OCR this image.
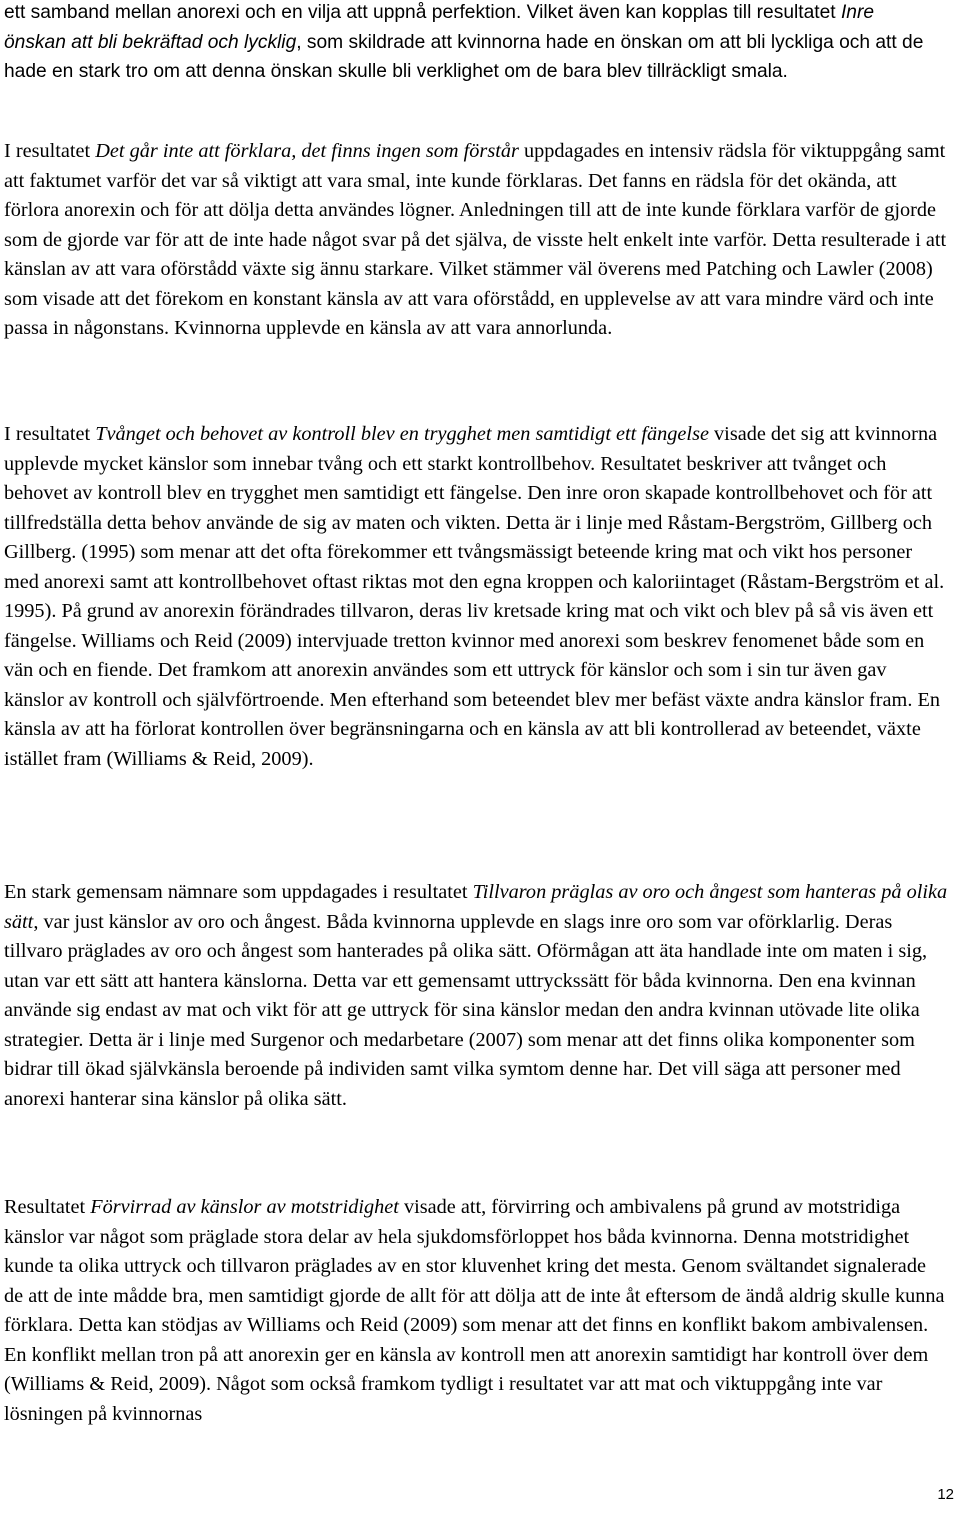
ett samband mellan anorexi och en vilja att uppnå perfektion. Vilket även kan kopplas till resultatet Inre önskan att bli bekräftad och lycklig, som skildrade att kvinnorna hade en önskan om att bli lyckliga och att de hade en stark tro om att denna önskan skulle bli verklighet om de bara blev tillräckligt smala.

I resultatet Det går inte att förklara, det finns ingen som förstår uppdagades en intensiv rädsla för viktuppgång samt att faktumet varför det var så viktigt att vara smal, inte kunde förklaras. Det fanns en rädsla för det okända, att förlora anorexin och för att dölja detta användes lögner. Anledningen till att de inte kunde förklara varför de gjorde som de gjorde var för att de inte hade något svar på det själva, de visste helt enkelt inte varför. Detta resulterade i att känslan av att vara oförstådd växte sig ännu starkare. Vilket stämmer väl överens med Patching och Lawler (2008) som visade att det förekom en konstant känsla av att vara oförstådd, en upplevelse av att vara mindre värd och inte passa in någonstans. Kvinnorna upplevde en känsla av att vara annorlunda.

I resultatet Tvånget och behovet av kontroll blev en trygghet men samtidigt ett fängelse visade det sig att kvinnorna upplevde mycket känslor som innebar tvång och ett starkt kontrollbehov. Resultatet beskriver att tvånget och behovet av kontroll blev en trygghet men samtidigt ett fängelse. Den inre oron skapade kontrollbehovet och för att tillfredställa detta behov använde de sig av maten och vikten. Detta är i linje med Råstam-Bergström, Gillberg och Gillberg. (1995) som menar att det ofta förekommer ett tvångsmässigt beteende kring mat och vikt hos personer med anorexi samt att kontrollbehovet oftast riktas mot den egna kroppen och kaloriintaget (Råstam-Bergström et al. 1995). På grund av anorexin förändrades tillvaron, deras liv kretsade kring mat och vikt och blev på så vis även ett fängelse. Williams och Reid (2009) intervjuade tretton kvinnor med anorexi som beskrev fenomenet både som en vän och en fiende. Det framkom att anorexin användes som ett uttryck för känslor och som i sin tur även gav känslor av kontroll och självförtroende. Men efterhand som beteendet blev mer befäst växte andra känslor fram. En känsla av att ha förlorat kontrollen över begränsningarna och en känsla av att bli kontrollerad av beteendet, växte istället fram (Williams & Reid, 2009).

En stark gemensam nämnare som uppdagades i resultatet Tillvaron präglas av oro och ångest som hanteras på olika sätt, var just känslor av oro och ångest. Båda kvinnorna upplevde en slags inre oro som var oförklarlig. Deras tillvaro präglades av oro och ångest som hanterades på olika sätt. Oförmågan att äta handlade inte om maten i sig, utan var ett sätt att hantera känslorna. Detta var ett gemensamt uttryckssätt för båda kvinnorna. Den ena kvinnan använde sig endast av mat och vikt för att ge uttryck för sina känslor medan den andra kvinnan utövade lite olika strategier. Detta är i linje med Surgenor och medarbetare (2007) som menar att det finns olika komponenter som bidrar till ökad självkänsla beroende på individen samt vilka symtom denne har. Det vill säga att personer med anorexi hanterar sina känslor på olika sätt.

Resultatet Förvirrad av känslor av motstridighet visade att, förvirring och ambivalens på grund av motstridiga känslor var något som präglade stora delar av hela sjukdomsförloppet hos båda kvinnorna. Denna motstridighet kunde ta olika uttryck och tillvaron präglades av en stor kluvenhet kring det mesta. Genom svältandet signalerade de att de inte mådde bra, men samtidigt gjorde de allt för att dölja att de inte åt eftersom de ändå aldrig skulle kunna förklara. Detta kan stödjas av Williams och Reid (2009) som menar att det finns en konflikt bakom ambivalensen. En konflikt mellan tron på att anorexin ger en känsla av kontroll men att anorexin samtidigt har kontroll över dem (Williams & Reid, 2009). Något som också framkom tydligt i resultatet var att mat och viktuppgång inte var lösningen på kvinnornas

12
